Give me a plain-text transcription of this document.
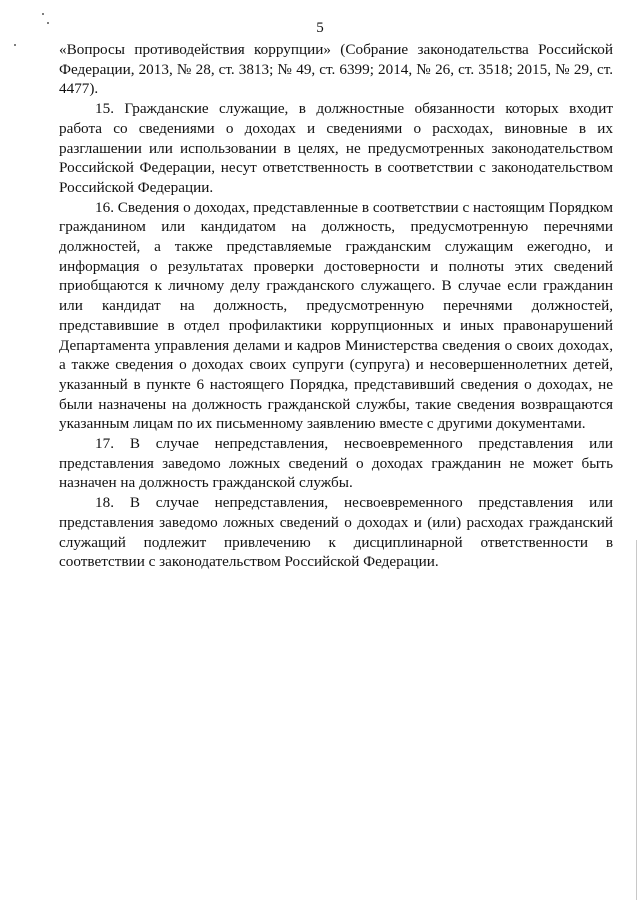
5

«Вопросы противодействия коррупции» (Собрание законодательства Российской Федерации, 2013, № 28, ст. 3813; № 49, ст. 6399; 2014, № 26, ст. 3518; 2015, № 29, ст. 4477).

15. Гражданские служащие, в должностные обязанности которых входит работа со сведениями о доходах и сведениями о расходах, виновные в их разглашении или использовании в целях, не предусмотренных законодательством Российской Федерации, несут ответственность в соответствии с законодательством Российской Федерации.

16. Сведения о доходах, представленные в соответствии с настоящим Порядком гражданином или кандидатом на должность, предусмотренную перечнями должностей, а также представляемые гражданским служащим ежегодно, и информация о результатах проверки достоверности и полноты этих сведений приобщаются к личному делу гражданского служащего. В случае если гражданин или кандидат на должность, предусмотренную перечнями должностей, представившие в отдел профилактики коррупционных и иных правонарушений Департамента управления делами и кадров Министерства сведения о своих доходах, а также сведения о доходах своих супруги (супруга) и несовершеннолетних детей, указанный в пункте 6 настоящего Порядка, представивший сведения о доходах, не были назначены на должность гражданской службы, такие сведения возвращаются указанным лицам по их письменному заявлению вместе с другими документами.

17. В случае непредставления, несвоевременного представления или представления заведомо ложных сведений о доходах гражданин не может быть назначен на должность гражданской службы.

18. В случае непредставления, несвоевременного представления или представления заведомо ложных сведений о доходах и (или) расходах гражданский служащий подлежит привлечению к дисциплинарной ответственности в соответствии с законодательством Российской Федерации.
